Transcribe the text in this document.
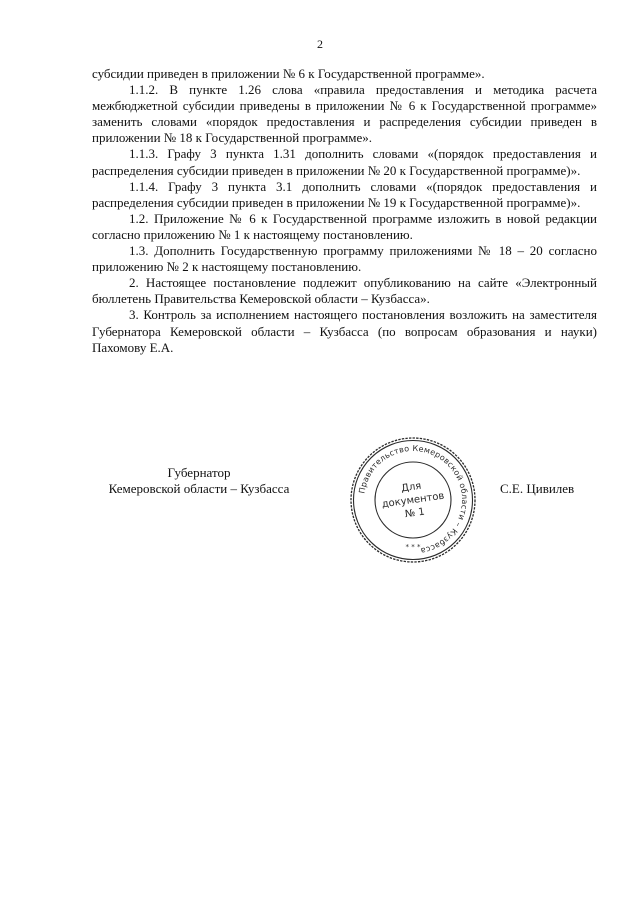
2

субсидии приведен в приложении № 6 к Государственной программе».

1.1.2. В пункте 1.26 слова «правила предоставления и методика расчета межбюджетной субсидии приведены в приложении № 6 к Государственной программе» заменить словами «порядок предоставления и распределения субсидии приведен в приложении № 18 к Государственной программе».

1.1.3. Графу 3 пункта 1.31 дополнить словами «(порядок предоставления и распределения субсидии приведен в приложении № 20 к Государственной программе)».

1.1.4. Графу 3 пункта 3.1 дополнить словами «(порядок предоставления и распределения субсидии приведен в приложении № 19 к Государственной программе)».

1.2. Приложение № 6 к Государственной программе изложить в новой редакции согласно приложению № 1 к настоящему постановлению.

1.3. Дополнить Государственную программу приложениями № 18 – 20 согласно приложению № 2 к настоящему постановлению.

2. Настоящее постановление подлежит опубликованию на сайте «Электронный бюллетень Правительства Кемеровской области – Кузбасса».

3. Контроль за исполнением настоящего постановления возложить на заместителя Губернатора Кемеровской области – Кузбасса (по вопросам образования и науки) Пахомову Е.А.

Губернатор
Кемеровской области – Кузбасса	С.Е. Цивилев
Правительство Кемеровской области – Кузбасса
* * *
Для
документов
№ 1
